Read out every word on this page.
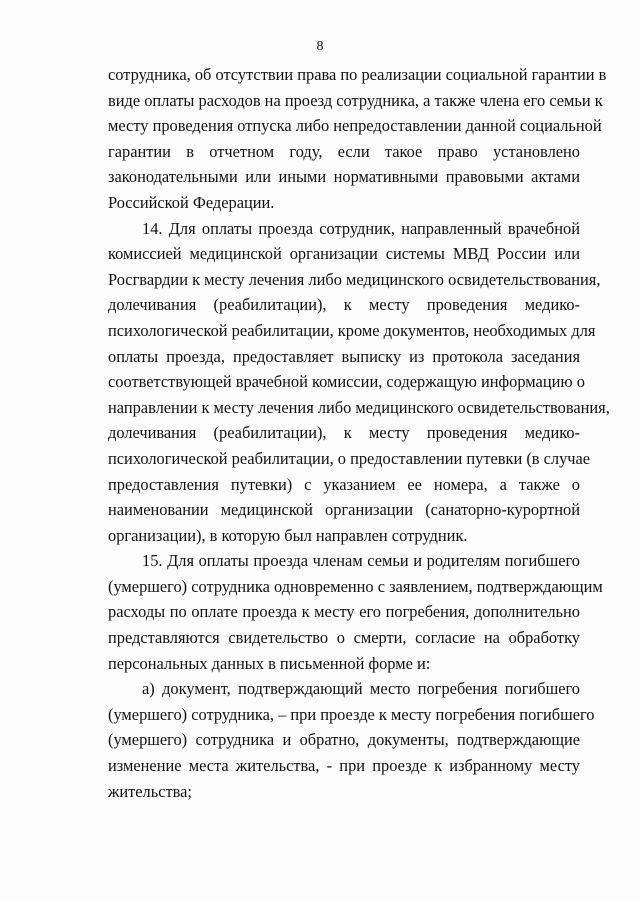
8
сотрудника, об отсутствии права по реализации социальной гарантии в
виде оплаты расходов на проезд сотрудника, а также члена его семьи к
месту проведения отпуска либо непредоставлении данной социальной
гарантии в отчетном году, если такое право установлено
законодательными или иными нормативными правовыми актами
Российской Федерации.
14. Для оплаты проезда сотрудник, направленный врачебной
комиссией медицинской организации системы МВД России или
Росгвардии к месту лечения либо медицинского освидетельствования,
долечивания (реабилитации), к месту проведения медико-
психологической реабилитации, кроме документов, необходимых для
оплаты проезда, предоставляет выписку из протокола заседания
соответствующей врачебной комиссии, содержащую информацию о
направлении к месту лечения либо медицинского освидетельствования,
долечивания (реабилитации), к месту проведения медико-
психологической реабилитации, о предоставлении путевки (в случае
предоставления путевки) с указанием ее номера, а также о
наименовании медицинской организации (санаторно-курортной
организации), в которую был направлен сотрудник.
15. Для оплаты проезда членам семьи и родителям погибшего
(умершего) сотрудника одновременно с заявлением, подтверждающим
расходы по оплате проезда к месту его погребения, дополнительно
представляются свидетельство о смерти, согласие на обработку
персональных данных в письменной форме и:
а) документ, подтверждающий место погребения погибшего
(умершего) сотрудника, – при проезде к месту погребения погибшего
(умершего) сотрудника и обратно, документы, подтверждающие
изменение места жительства, - при проезде к избранному месту
жительства;
